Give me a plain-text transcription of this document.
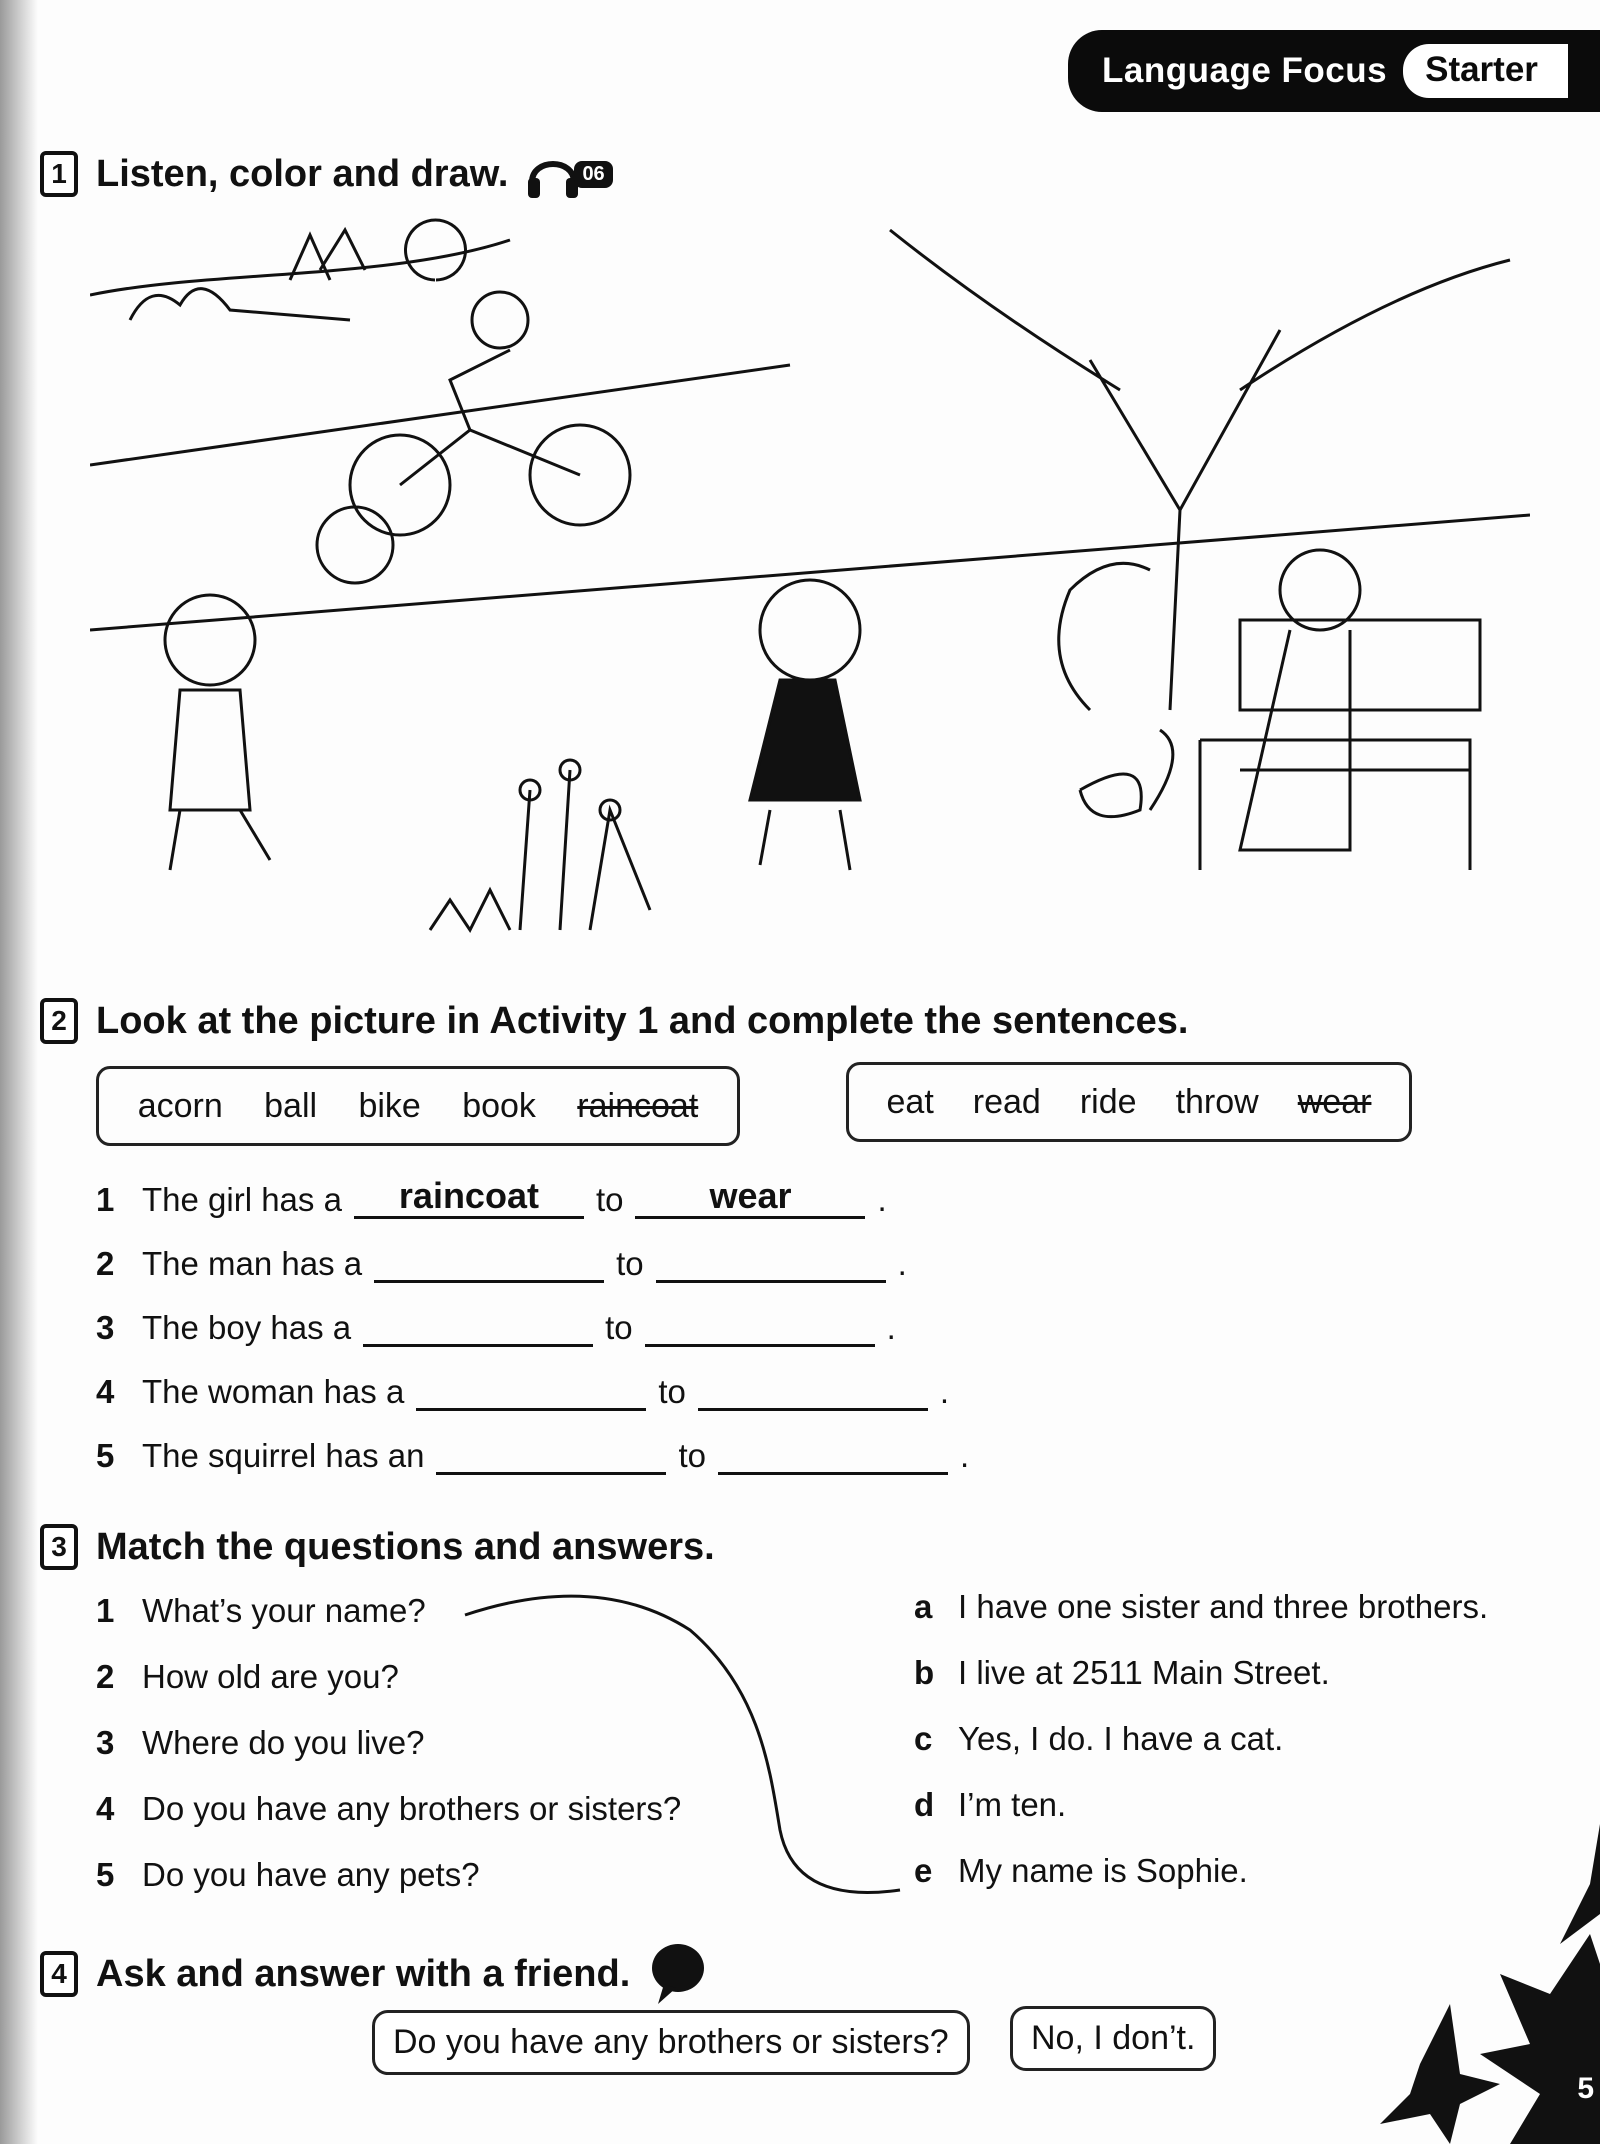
Language Focus	Starter
1 Listen, color and draw.	06
2 Look at the picture in Activity 1 and complete the sentences.
acorn ball bike book raincoat	eat read ride throw wear
1 The girl has a	raincoat	to	wear	.
2 The man has a	to	.
3 The boy has a	to	.
4 The woman has a	to	.
5 The squirrel has an	to	.
3 Match the questions and answers.
1 What’s your name?
2 How old are you?
3 Where do you live?
4 Do you have any brothers or sisters?
5 Do you have any pets?
a I have one sister and three brothers.
b I live at 2511 Main Street.
c Yes, I do. I have a cat.
d I’m ten.
e My name is Sophie.
4 Ask and answer with a friend.
Do you have any brothers or sisters?	No, I don’t.
5
